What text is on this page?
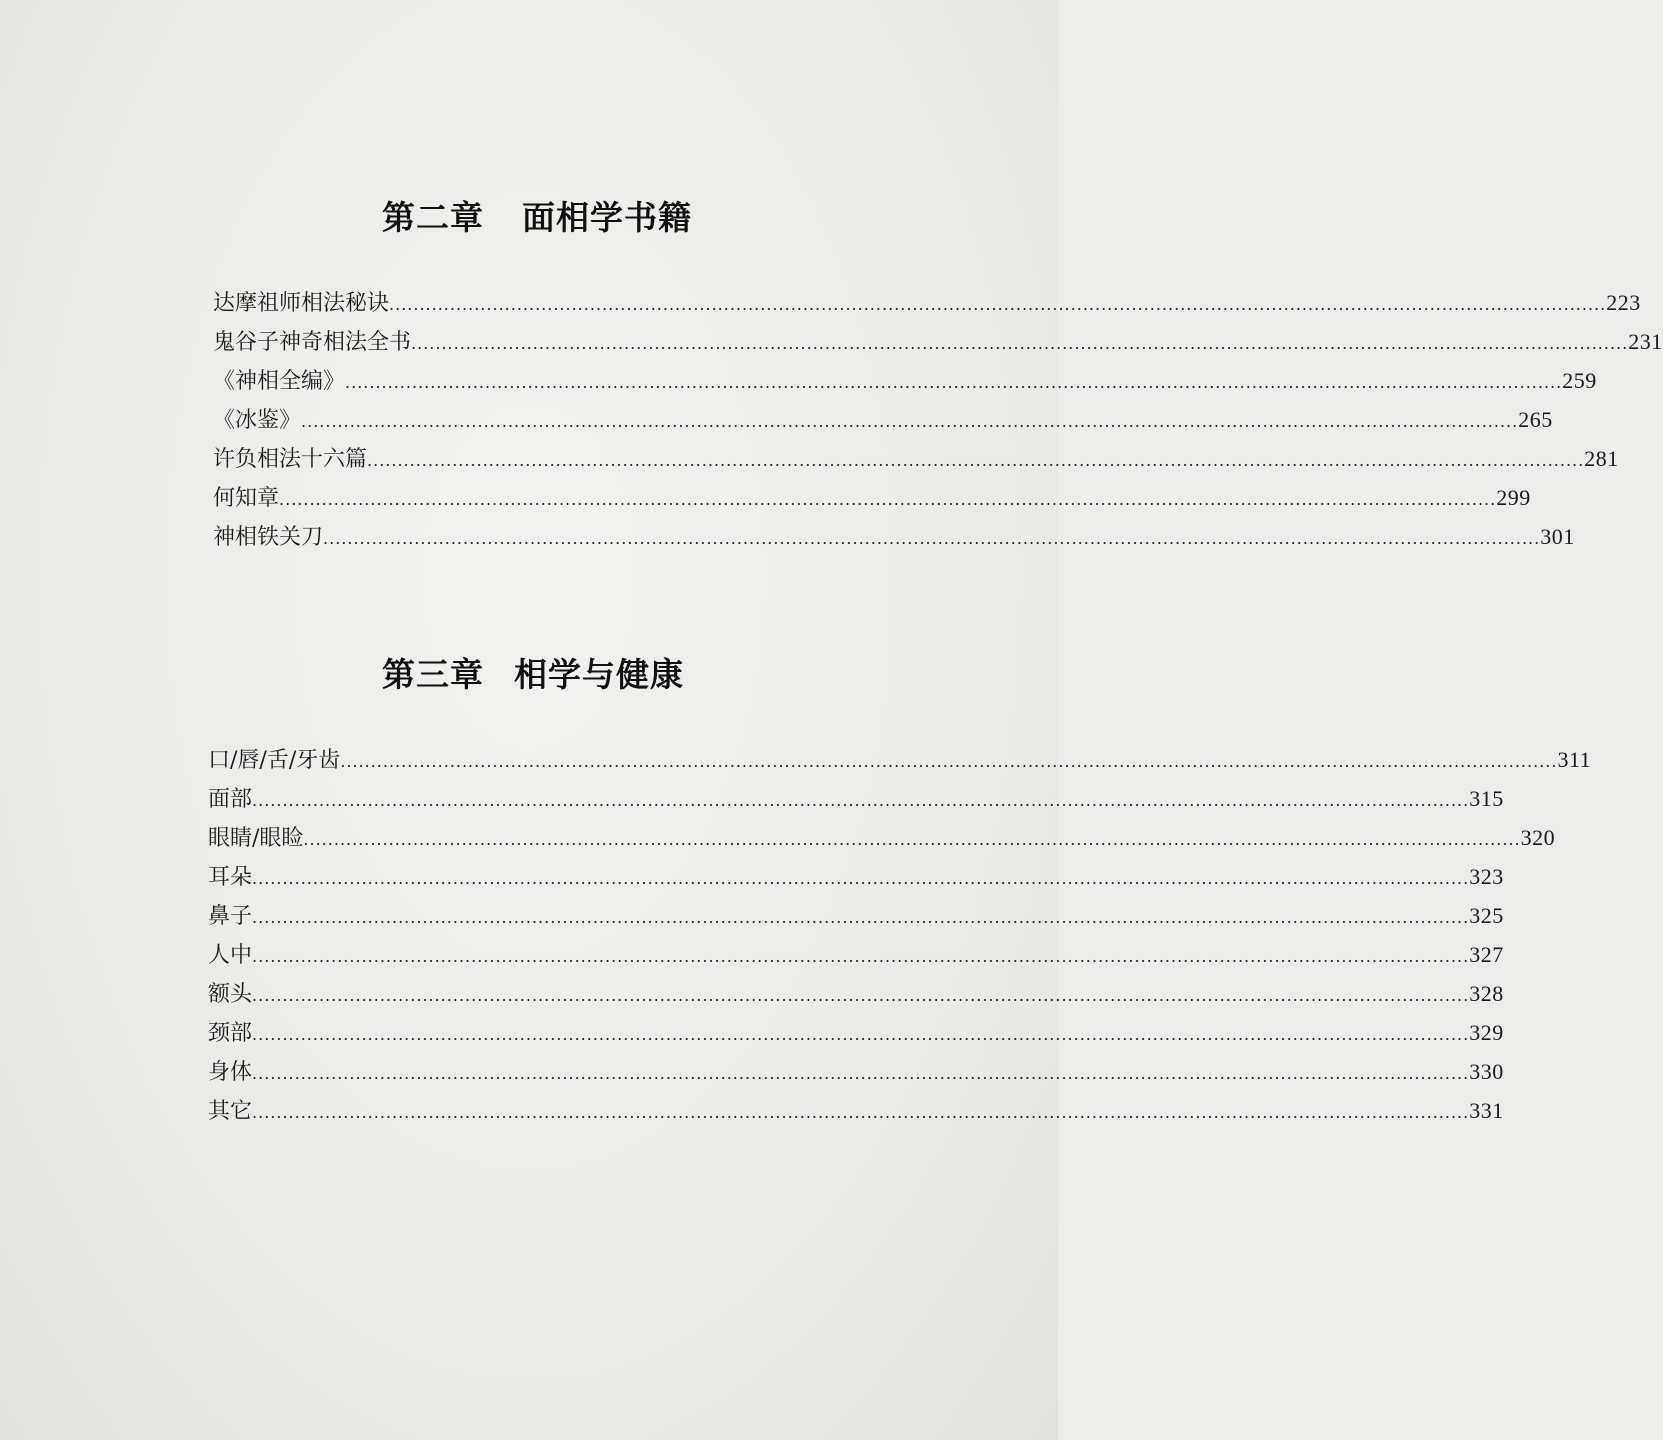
第二章 面相学书籍
达摩祖师相法秘诀 ........................................................................................................................................................................................................ 223
鬼谷子神奇相法全书 ........................................................................................................................................................................................................ 231
《神相全编》 ........................................................................................................................................................................................................ 259
《冰鉴》 ........................................................................................................................................................................................................ 265
许负相法十六篇 ........................................................................................................................................................................................................ 281
何知章 ........................................................................................................................................................................................................ 299
神相铁关刀 ........................................................................................................................................................................................................ 301
第三章 相学与健康
口/唇/舌/牙齿 ........................................................................................................................................................................................................ 311
面部 ........................................................................................................................................................................................................ 315
眼睛/眼睑 ........................................................................................................................................................................................................ 320
耳朵 ........................................................................................................................................................................................................ 323
鼻子 ........................................................................................................................................................................................................ 325
人中 ........................................................................................................................................................................................................ 327
额头 ........................................................................................................................................................................................................ 328
颈部 ........................................................................................................................................................................................................ 329
身体 ........................................................................................................................................................................................................ 330
其它 ........................................................................................................................................................................................................ 331
